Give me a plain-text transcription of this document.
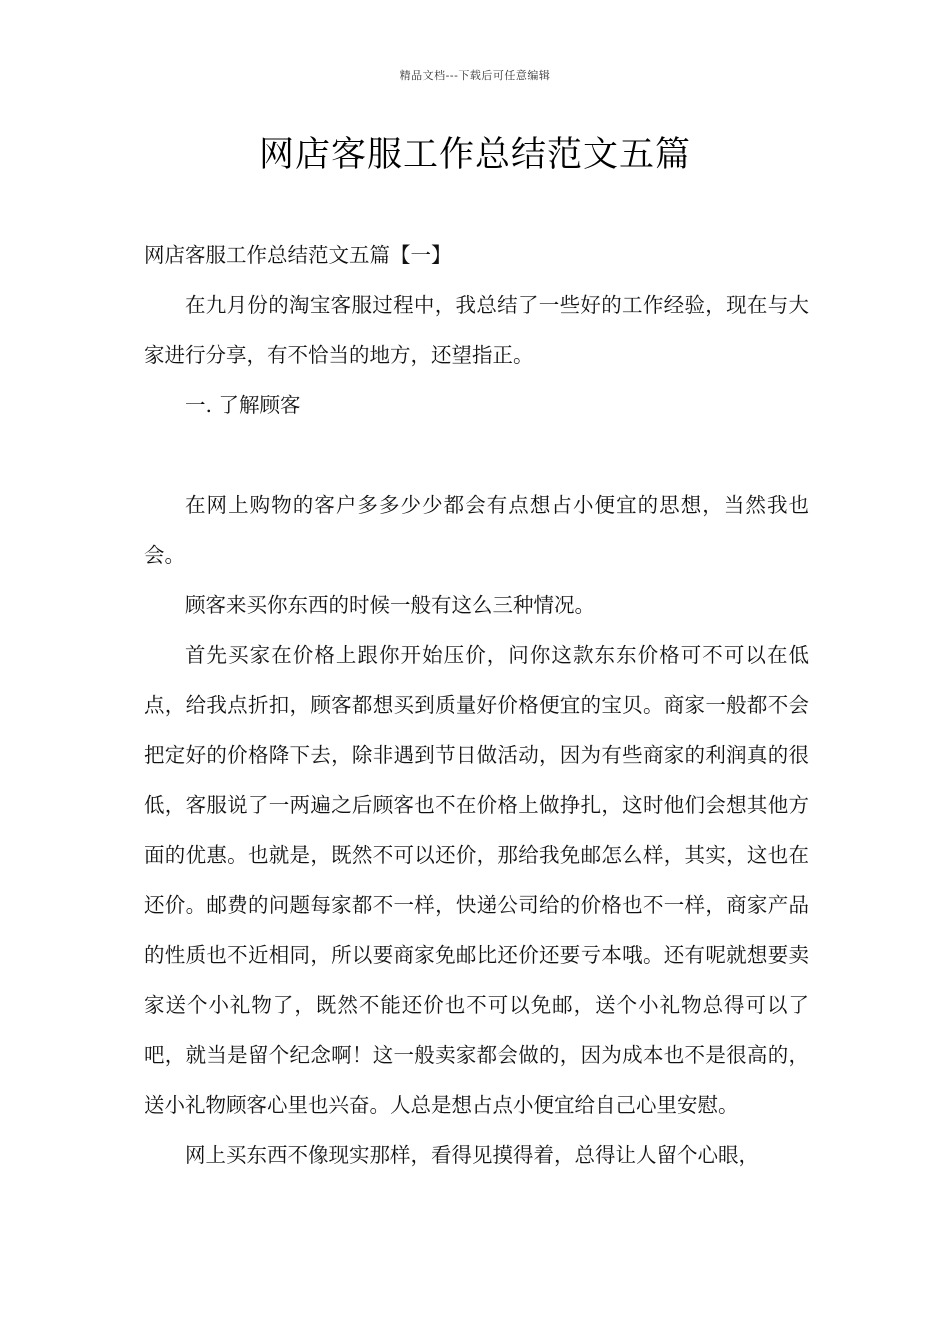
精品文档---下载后可任意编辑
网店客服工作总结范文五篇

网店客服工作总结范文五篇【一】

在九月份的淘宝客服过程中，我总结了一些好的工作经验，现在与大家进行分享，有不恰当的地方，还望指正。

一. 了解顾客

在网上购物的客户多多少少都会有点想占小便宜的思想，当然我也会。

顾客来买你东西的时候一般有这么三种情况。

首先买家在价格上跟你开始压价，问你这款东东价格可不可以在低点，给我点折扣，顾客都想买到质量好价格便宜的宝贝。商家一般都不会把定好的价格降下去，除非遇到节日做活动，因为有些商家的利润真的很低，客服说了一两遍之后顾客也不在价格上做挣扎，这时他们会想其他方面的优惠。也就是，既然不可以还价，那给我免邮怎么样，其实，这也在还价。邮费的问题每家都不一样，快递公司给的价格也不一样，商家产品的性质也不近相同，所以要商家免邮比还价还要亏本哦。还有呢就想要卖家送个小礼物了，既然不能还价也不可以免邮，送个小礼物总得可以了吧，就当是留个纪念啊！这一般卖家都会做的，因为成本也不是很高的，送小礼物顾客心里也兴奋。人总是想占点小便宜给自己心里安慰。

网上买东西不像现实那样，看得见摸得着，总得让人留个心眼，
